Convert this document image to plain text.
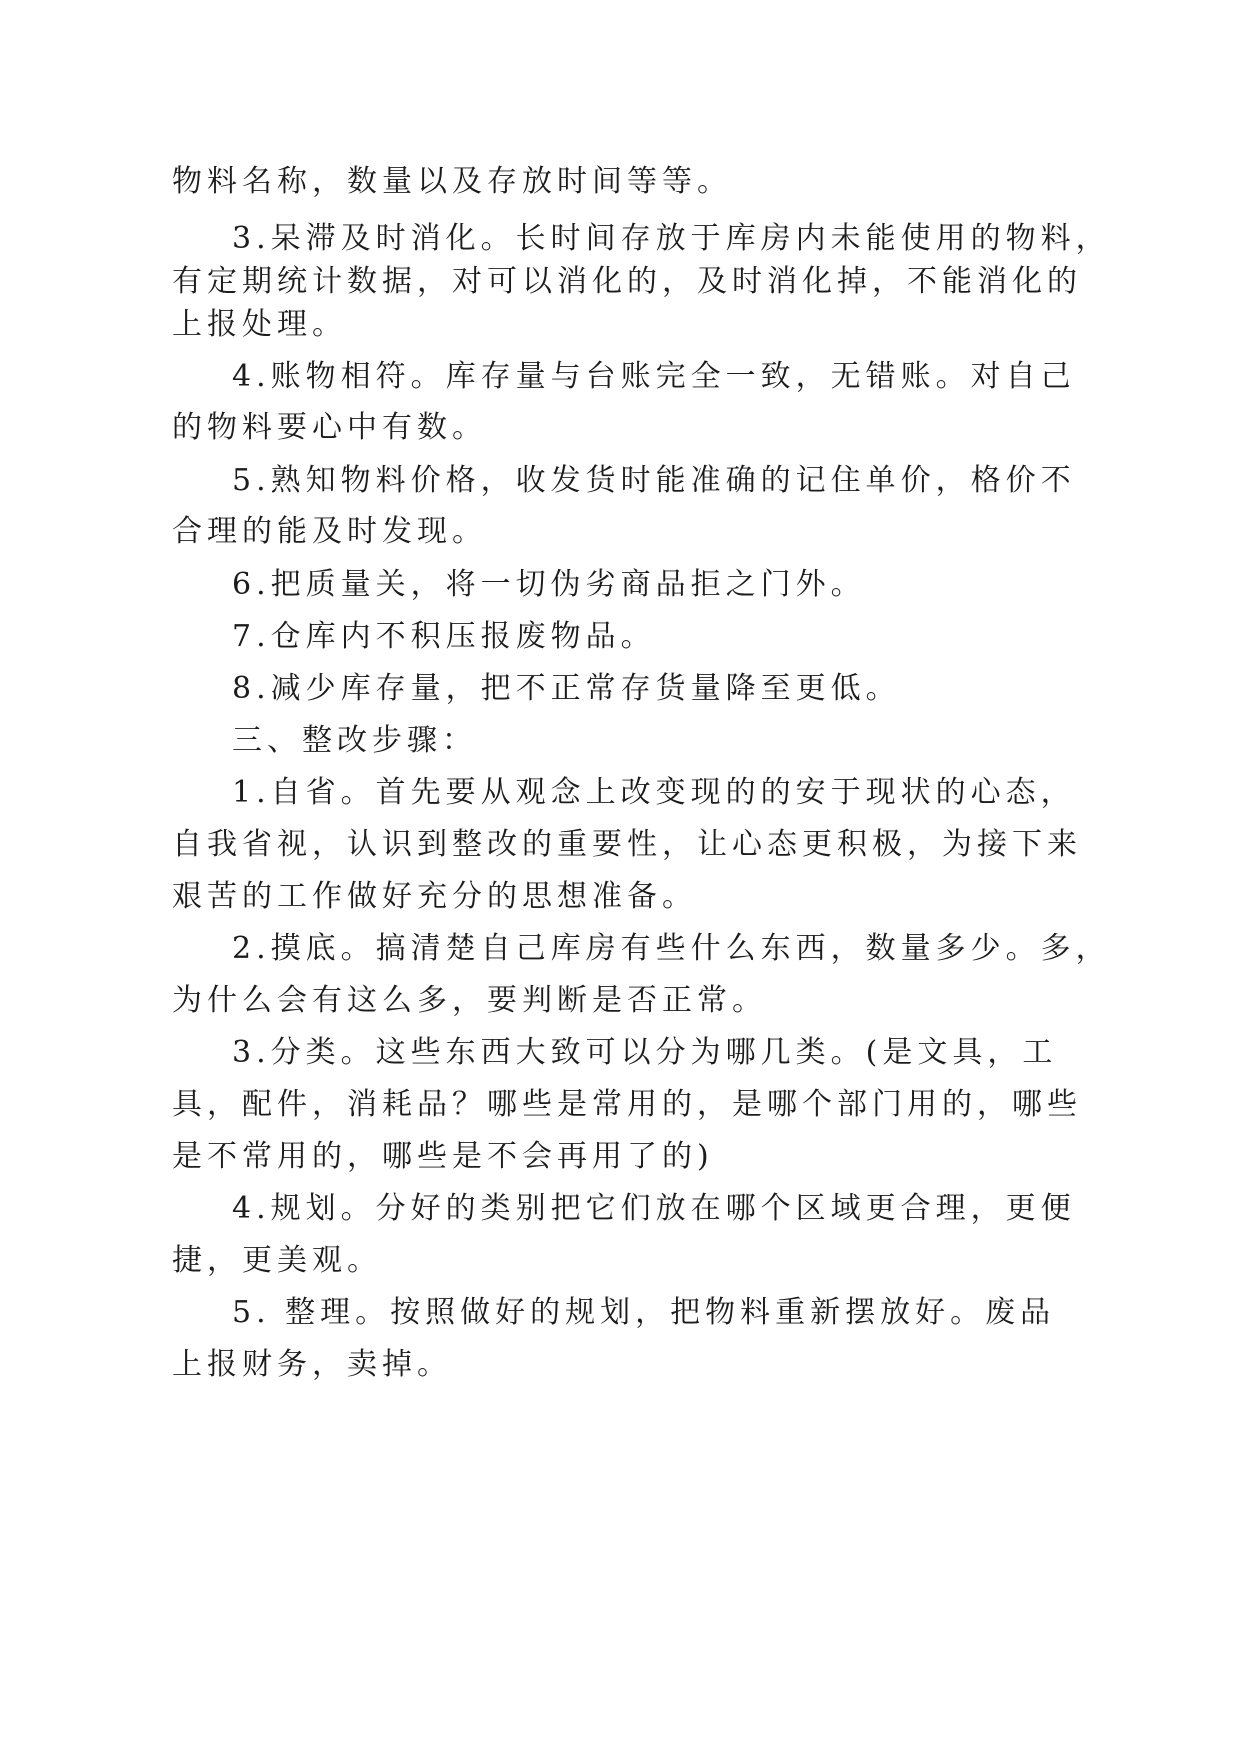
物料名称，数量以及存放时间等等。
3.呆滞及时消化。长时间存放于库房内未能使用的物料，
有定期统计数据，对可以消化的，及时消化掉，不能消化的
上报处理。
4.账物相符。库存量与台账完全一致，无错账。对自己
的物料要心中有数。
5.熟知物料价格，收发货时能准确的记住单价，格价不
合理的能及时发现。
6.把质量关，将一切伪劣商品拒之门外。
7.仓库内不积压报废物品。
8.减少库存量，把不正常存货量降至更低。
三、整改步骤：
1.自省。首先要从观念上改变现的的安于现状的心态，
自我省视，认识到整改的重要性，让心态更积极，为接下来
艰苦的工作做好充分的思想准备。
2.摸底。搞清楚自己库房有些什么东西，数量多少。多，
为什么会有这么多，要判断是否正常。
3.分类。这些东西大致可以分为哪几类。(是文具，工
具，配件，消耗品？哪些是常用的，是哪个部门用的，哪些
是不常用的，哪些是不会再用了的)
4.规划。分好的类别把它们放在哪个区域更合理，更便
捷，更美观。
5. 整理。按照做好的规划，把物料重新摆放好。废品
上报财务，卖掉。
